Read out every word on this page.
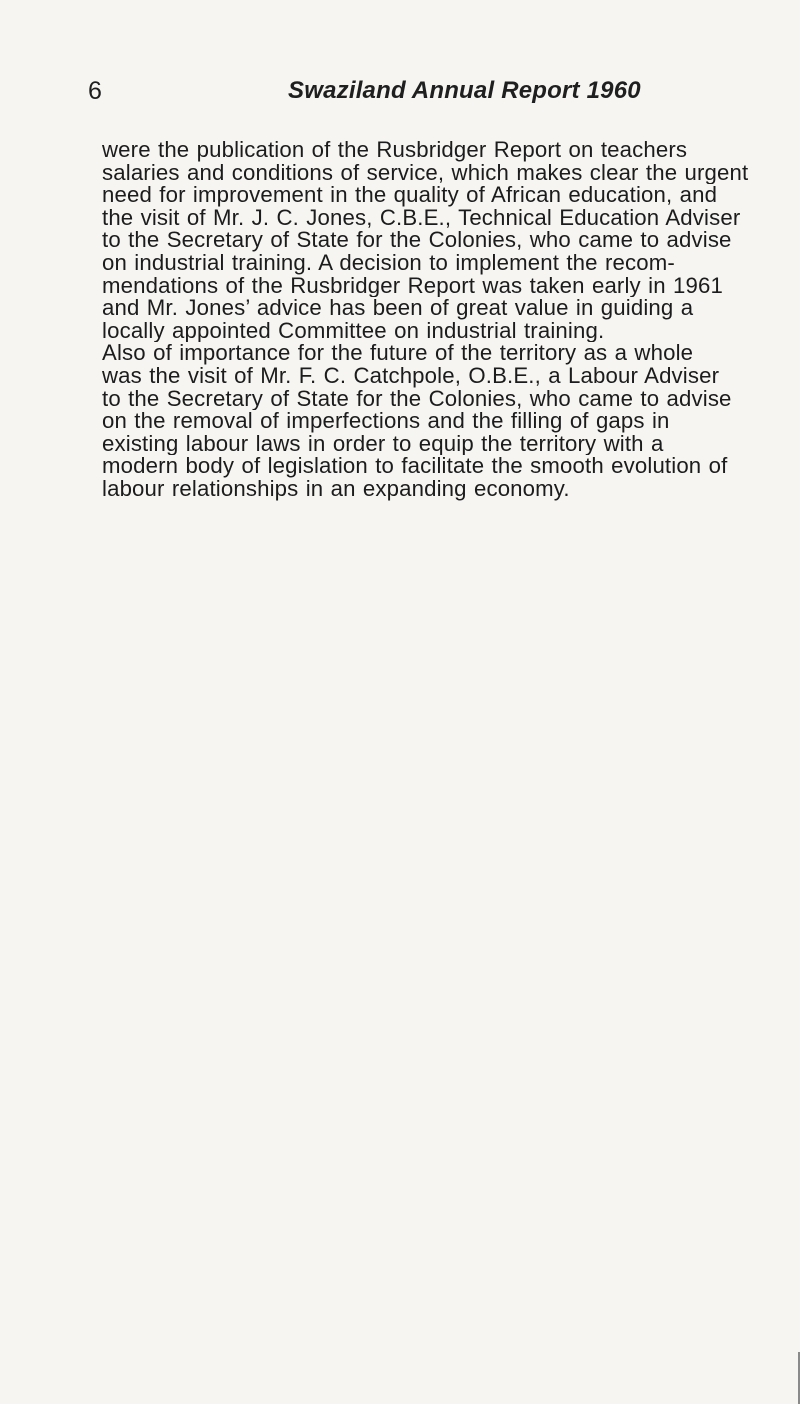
6	Swaziland Annual Report 1960
were the publication of the Rusbridger Report on teachers
salaries and conditions of service, which makes clear the urgent
need for improvement in the quality of African education, and
the visit of Mr. J. C. Jones, C.B.E., Technical Education Adviser
to the Secretary of State for the Colonies, who came to advise
on industrial training. A decision to implement the recom-
mendations of the Rusbridger Report was taken early in 1961
and Mr. Jones’ advice has been of great value in guiding a
locally appointed Committee on industrial training.
Also of importance for the future of the territory as a whole
was the visit of Mr. F. C. Catchpole, O.B.E., a Labour Adviser
to the Secretary of State for the Colonies, who came to advise
on the removal of imperfections and the filling of gaps in
existing labour laws in order to equip the territory with a
modern body of legislation to facilitate the smooth evolution of
labour relationships in an expanding economy.
